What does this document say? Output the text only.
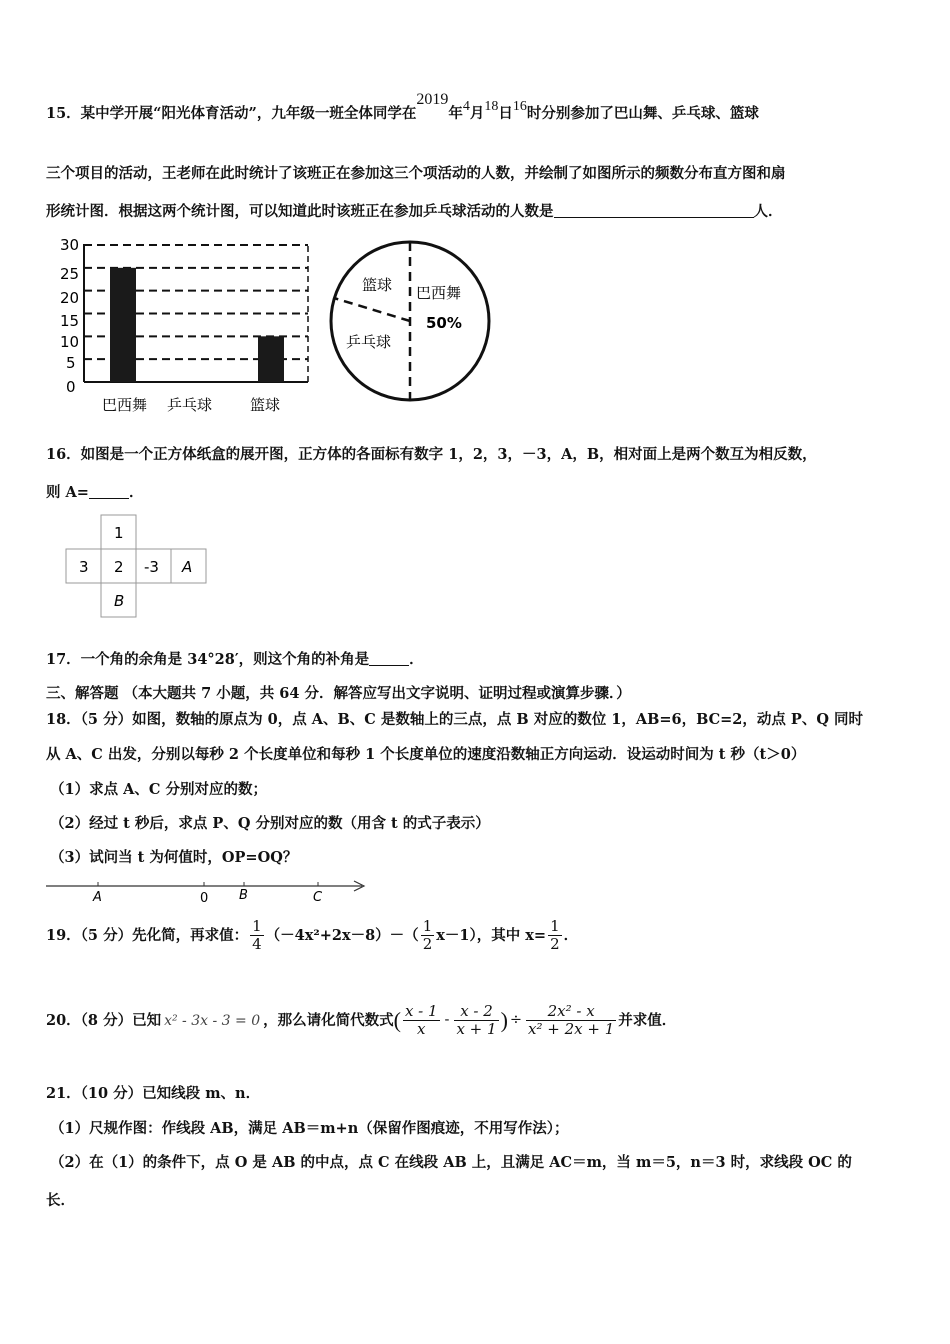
15．某中学开展“阳光体育活动”，九年级一班全体同学在2019年4月18日16时分别参加了巴山舞、乒乓球、篮球
三个项目的活动，王老师在此时统计了该班正在参加这三个项活动的人数，并绘制了如图所示的频数分布直方图和扇
形统计图．根据这两个统计图，可以知道此时该班正在参加乒乓球活动的人数是	人．
30
25
20
15
10
5
0
巴西舞 乒乓球	篮球
篮球 巴西舞
50%
乒乓球
16．如图是一个正方体纸盒的展开图，正方体的各面标有数字 1，2，3，－3，A，B，相对面上是两个数互为相反数，
则 A=	．
1
3 2 -3 A
B
17．一个角的余角是 34°28′，则这个角的补角是	．
三、解答题 （本大题共 7 小题，共 64 分．解答应写出文字说明、证明过程或演算步骤．）
18．（5 分）如图，数轴的原点为 0，点 A、B、C 是数轴上的三点，点 B 对应的数位 1，AB=6，BC=2，动点 P、Q 同时
从 A、C 出发，分别以每秒 2 个长度单位和每秒 1 个长度单位的速度沿数轴正方向运动．设运动时间为 t 秒（t＞0）
（1）求点 A、C 分别对应的数；
（2）经过 t 秒后，求点 P、Q 分别对应的数（用含 t 的式子表示）
（3）试问当 t 为何值时，OP=OQ？
A	0 B	C
19．（5 分）先化简，再求值： $\frac{1}{4} (-4x^2+2x-8)-( \frac{1}{2} x-1)$，其中 $x= \frac{1}{2}$ ．
20．（8 分）已知 x² - 3x - 3 = 0 ，那么请化简代数式( $\frac{x - 1}{x} - \frac{x - 2}{x + 1}$ ) ÷ $\frac{\text{2x² - x}}{\text{x² + 2x + 1}}$ 并求值．
21．（10 分）已知线段 m、n．
（1）尺规作图：作线段 AB，满足 AB＝m+n（保留作图痕迹，不用写作法）；
（2）在（1）的条件下，点 O 是 AB 的中点，点 C 在线段 AB 上，且满足 AC＝m，当 m＝5，n＝3 时，求线段 OC 的
长．
